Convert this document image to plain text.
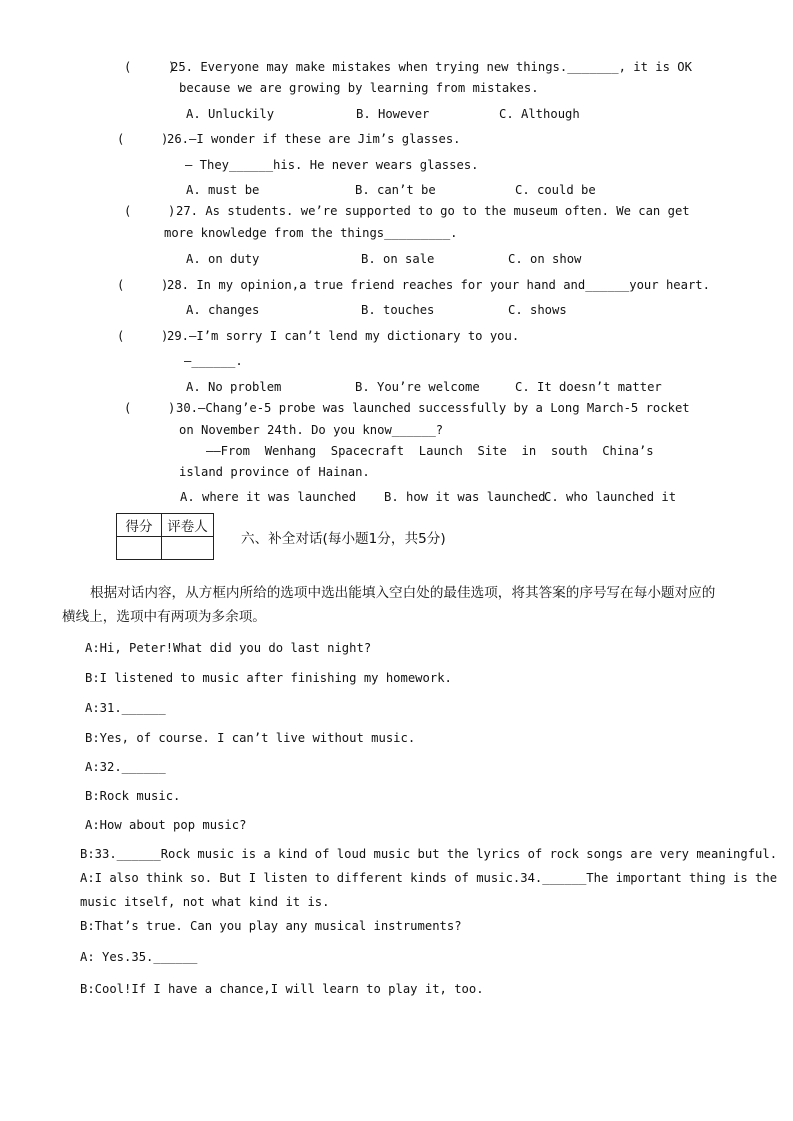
(     )
25. Everyone may make mistakes when trying new things._______, it is OK
because we are growing by learning from mistakes.
A. Unluckily	B. However	C. Although
(     )
26.—I wonder if these are Jim’s glasses.
— They______his. He never wears glasses.
A. must be	B. can’t be	C. could be
(     ) 27. As students. we’re supported to go to the museum often. We can get
more knowledge from the things_________.
A. on duty	B. on sale	C. on show
(     )
28. In my opinion,a true friend reaches for your hand and______your heart.
A. changes	B. touches	C. shows
(     )
29.—I’m sorry I can’t lend my dictionary to you.
—______.
A. No problem	B. You’re welcome	C. It doesn’t matter
(     ) 30.—Chang’e-5 probe was launched successfully by a Long March-5 rocket
on November 24th. Do you know______?
——From  Wenhang  Spacecraft  Launch  Site  in  south  China’s
island province of Hainan.
A. where it was launched B. how it was launched
C. who launched it
得分	评卷人

六、补全对话(每小题1分，共5分)
根据对话内容，从方框内所给的选项中选出能填入空白处的最佳选项，将其答案的序号写在每小题对应的
横线上，选项中有两项为多余项。
A:Hi, Peter!What did you do last night?
B:I listened to music after finishing my homework.
A:31.______
B:Yes, of course. I can’t live without music.
A:32.______
B:Rock music.
A:How about pop music?
B:33.______Rock music is a kind of loud music but the lyrics of rock songs are very meaningful.
A:I also think so. But I listen to different kinds of music.34.______The important thing is the
music itself, not what kind it is.
B:That’s true. Can you play any musical instruments?
A: Yes.35.______
B:Cool!If I have a chance,I will learn to play it, too.
